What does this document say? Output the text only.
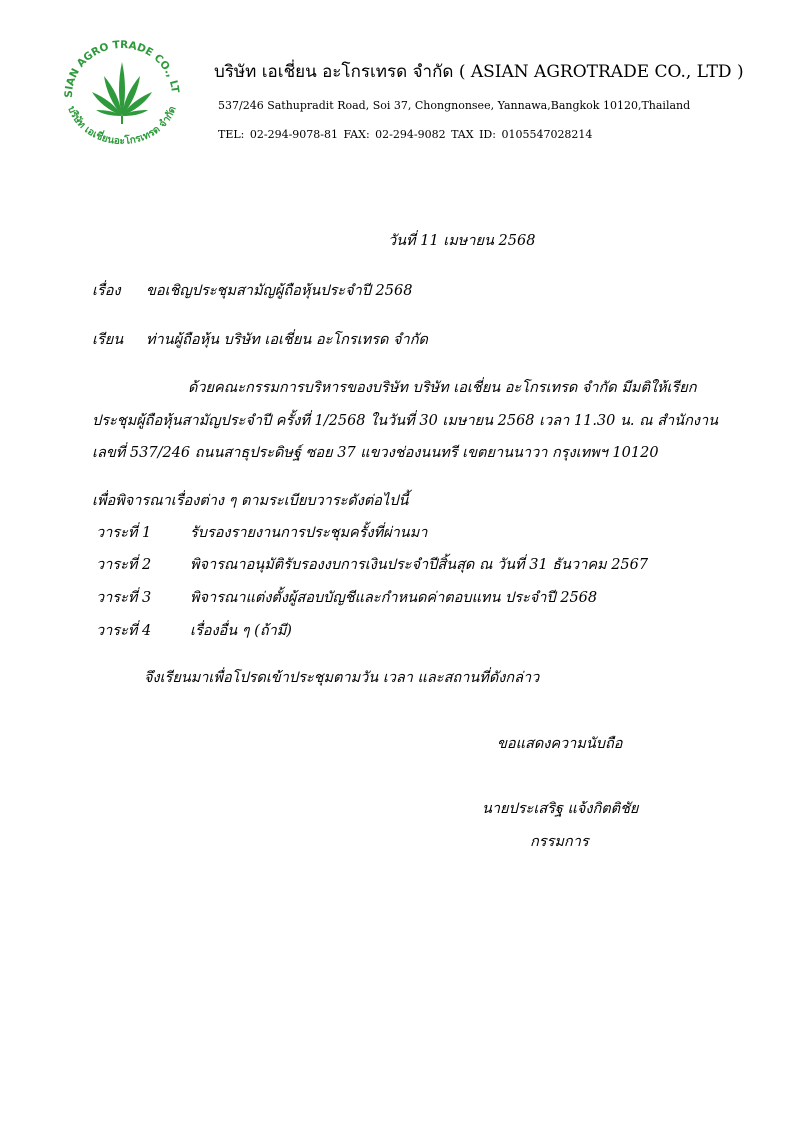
SIAN AGRO TRADE CO., LT
บริษัท เอเชี่ยนอะโกรเทรด จำกัด
บริษัท เอเชี่ยน อะโกรเทรด จำกัด ( ASIAN AGROTRADE CO., LTD )
537/246 Sathupradit Road, Soi 37, Chongnonsee, Yannawa,Bangkok 10120,Thailand
TEL: 02-294-9078-81 FAX: 02-294-9082 TAX ID: 0105547028214
วันที่ 11 เมษายน 2568
เรื่อง ขอเชิญประชุมสามัญผู้ถือหุ้นประจำปี 2568
เรียน ท่านผู้ถือหุ้น บริษัท เอเชี่ยน อะโกรเทรด จำกัด
ด้วยคณะกรรมการบริหารของบริษัท บริษัท เอเชี่ยน อะโกรเทรด จำกัด มีมติให้เรียก
ประชุมผู้ถือหุ้นสามัญประจำปี ครั้งที่ 1/2568 ในวันที่ 30 เมษายน 2568 เวลา 11.30 น. ณ สำนักงาน
เลขที่ 537/246 ถนนสาธุประดิษฐ์ ซอย 37 แขวงช่องนนทรี เขตยานนาวา กรุงเทพฯ 10120
เพื่อพิจารณาเรื่องต่าง ๆ ตามระเบียบวาระดังต่อไปนี้
วาระที่ 1	รับรองรายงานการประชุมครั้งที่ผ่านมา
วาระที่ 2	พิจารณาอนุมัติรับรองงบการเงินประจำปีสิ้นสุด ณ วันที่ 31 ธันวาคม 2567
วาระที่ 3	พิจารณาแต่งตั้งผู้สอบบัญชีและกำหนดค่าตอบแทน ประจำปี 2568
วาระที่ 4	เรื่องอื่น ๆ (ถ้ามี)
จึงเรียนมาเพื่อโปรดเข้าประชุมตามวัน เวลา และสถานที่ดังกล่าว
ขอแสดงความนับถือ
นายประเสริฐ แจ้งกิตติชัย
กรรมการ
